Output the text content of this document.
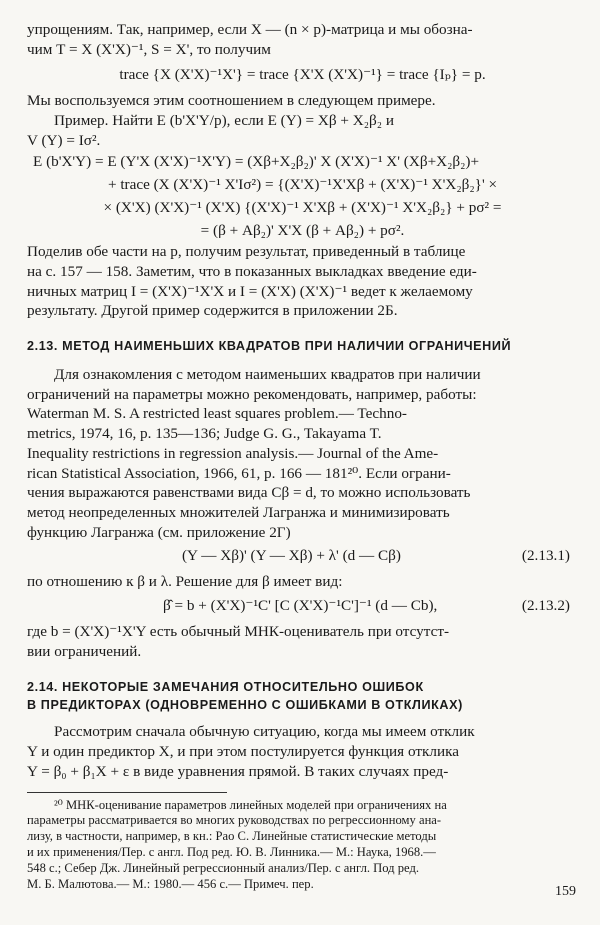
упрощениям. Так, например, если X — (n × p)-матрица и мы обозна-
чим T = X (X'X)⁻¹, S = X', то получим

trace {X (X'X)⁻¹X'} = trace {X'X (X'X)⁻¹} = trace {Iₚ} = p.

Мы воспользуемся этим соотношением в следующем примере.

Пример. Найти E (b'X'Y/p), если E (Y) = Xβ + X₂β₂ и
V (Y) = Iσ².

E (b'X'Y) = E (Y'X (X'X)⁻¹X'Y) = (Xβ+X₂β₂)' X (X'X)⁻¹ X' (Xβ+X₂β₂)+
+ trace (X (X'X)⁻¹ X'Iσ²) = {(X'X)⁻¹X'Xβ + (X'X)⁻¹ X'X₂β₂}' ×
× (X'X) (X'X)⁻¹ (X'X) {(X'X)⁻¹ X'Xβ + (X'X)⁻¹ X'X₂β₂} + pσ² =
= (β + Aβ₂)' X'X (β + Aβ₂) + pσ².

Поделив обе части на p, получим результат, приведенный в таблице
на с. 157 — 158. Заметим, что в показанных выкладках введение еди-
ничных матриц I = (X'X)⁻¹X'X и I = (X'X) (X'X)⁻¹ ведет к желаемому
результату. Другой пример содержится в приложении 2Б.

2.13. МЕТОД НАИМЕНЬШИХ КВАДРАТОВ ПРИ НАЛИЧИИ ОГРАНИЧЕНИЙ

Для ознакомления с методом наименьших квадратов при наличии
ограничений на параметры можно рекомендовать, например, работы:
Waterman M. S. A restricted least squares problem.— Techno-
metrics, 1974, 16, p. 135—136; Judge G. G., Takayama T.
Inequality restrictions in regression analysis.— Journal of the Ame-
rican Statistical Association, 1966, 61, p. 166 — 181²⁰. Если ограни-
чения выражаются равенствами вида Cβ = d, то можно использовать
метод неопределенных множителей Лагранжа и минимизировать
функцию Лагранжа (см. приложение 2Г)

(Y — Xβ)' (Y — Xβ) + λ' (d — Cβ)	(2.13.1)

по отношению к β и λ. Решение для β имеет вид:

β̂ = b + (X'X)⁻¹C' [C (X'X)⁻¹C']⁻¹ (d — Cb),	(2.13.2)

где b = (X'X)⁻¹X'Y есть обычный МНК-оцениватель при отсутст-
вии ограничений.

2.14. НЕКОТОРЫЕ ЗАМЕЧАНИЯ ОТНОСИТЕЛЬНО ОШИБОК
В ПРЕДИКТОРАХ (ОДНОВРЕМЕННО С ОШИБКАМИ В ОТКЛИКАХ)

Рассмотрим сначала обычную ситуацию, когда мы имеем отклик
Y и один предиктор X, и при этом постулируется функция отклика
Y = β₀ + β₁X + ε в виде уравнения прямой. В таких случаях пред-

²⁰ МНК-оценивание параметров линейных моделей при ограничениях на
параметры рассматривается во многих руководствах по регрессионному ана-
лизу, в частности, например, в кн.: Рао С. Линейные статистические методы
и их применения/Пер. с англ. Под ред. Ю. В. Линника.— М.: Наука, 1968.—
548 с.; Себер Дж. Линейный регрессионный анализ/Пер. с англ. Под ред.
М. Б. Малютова.— М.: 1980.— 456 с.— Примеч. пер.	159
